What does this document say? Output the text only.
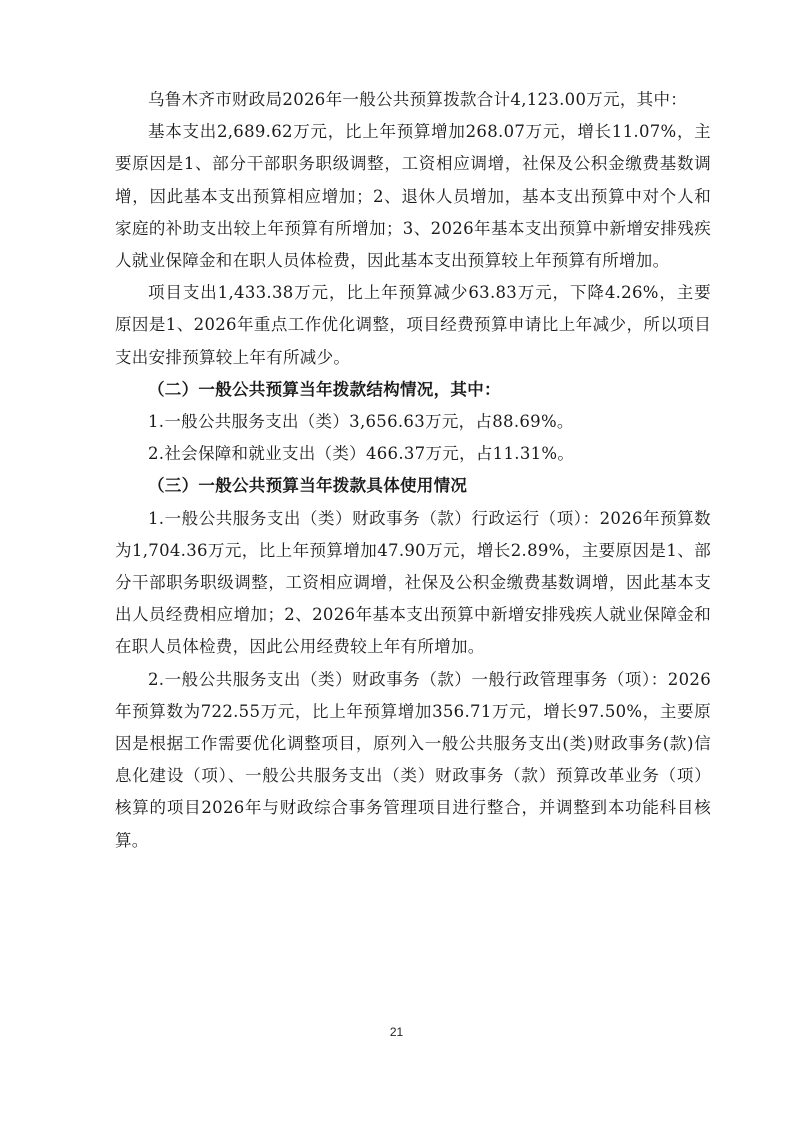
乌鲁木齐市财政局2026年一般公共预算拨款合计4,123.00万元，其中：

基本支出2,689.62万元，比上年预算增加268.07万元，增长11.07%，主要原因是1、部分干部职务职级调整，工资相应调增，社保及公积金缴费基数调增，因此基本支出预算相应增加；2、退休人员增加，基本支出预算中对个人和家庭的补助支出较上年预算有所增加；3、2026年基本支出预算中新增安排残疾人就业保障金和在职人员体检费，因此基本支出预算较上年预算有所增加。

项目支出1,433.38万元，比上年预算减少63.83万元，下降4.26%，主要原因是1、2026年重点工作优化调整，项目经费预算申请比上年减少，所以项目支出安排预算较上年有所减少。

（二）一般公共预算当年拨款结构情况，其中：

1.一般公共服务支出（类）3,656.63万元，占88.69%。

2.社会保障和就业支出（类）466.37万元，占11.31%。

（三）一般公共预算当年拨款具体使用情况

1.一般公共服务支出（类）财政事务（款）行政运行（项）：2026年预算数为1,704.36万元，比上年预算增加47.90万元，增长2.89%，主要原因是1、部分干部职务职级调整，工资相应调增，社保及公积金缴费基数调增，因此基本支出人员经费相应增加；2、2026年基本支出预算中新增安排残疾人就业保障金和在职人员体检费，因此公用经费较上年有所增加。

2.一般公共服务支出（类）财政事务（款）一般行政管理事务（项）：2026年预算数为722.55万元，比上年预算增加356.71万元，增长97.50%，主要原因是根据工作需要优化调整项目，原列入一般公共服务支出(类)财政事务(款)信息化建设（项）、一般公共服务支出（类）财政事务（款）预算改革业务（项）核算的项目2026年与财政综合事务管理项目进行整合，并调整到本功能科目核算。

21
